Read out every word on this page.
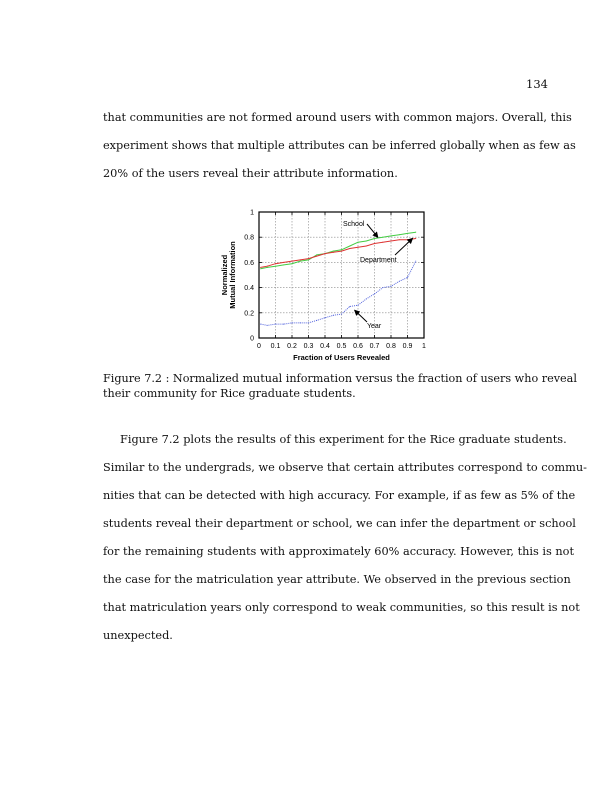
134
that communities are not formed around users with common majors. Overall, this
experiment shows that multiple attributes can be inferred globally when as few as
20% of the users reveal their attribute information.
0 0.1 0.2 0.3 0.4 0.5 0.6 0.7 0.8 0.9 1
0
0.2
0.4
0.6
0.8
1
School
Department
Year
Fraction of Users Revealed
Normalized Mutual Information
Figure 7.2 : Normalized mutual information versus the fraction of users who reveal
their community for Rice graduate students.
Figure 7.2 plots the results of this experiment for the Rice graduate students.
Similar to the undergrads, we observe that certain attributes correspond to commu-
nities that can be detected with high accuracy. For example, if as few as 5% of the
students reveal their department or school, we can infer the department or school
for the remaining students with approximately 60% accuracy. However, this is not
the case for the matriculation year attribute. We observed in the previous section
that matriculation years only correspond to weak communities, so this result is not
unexpected.
